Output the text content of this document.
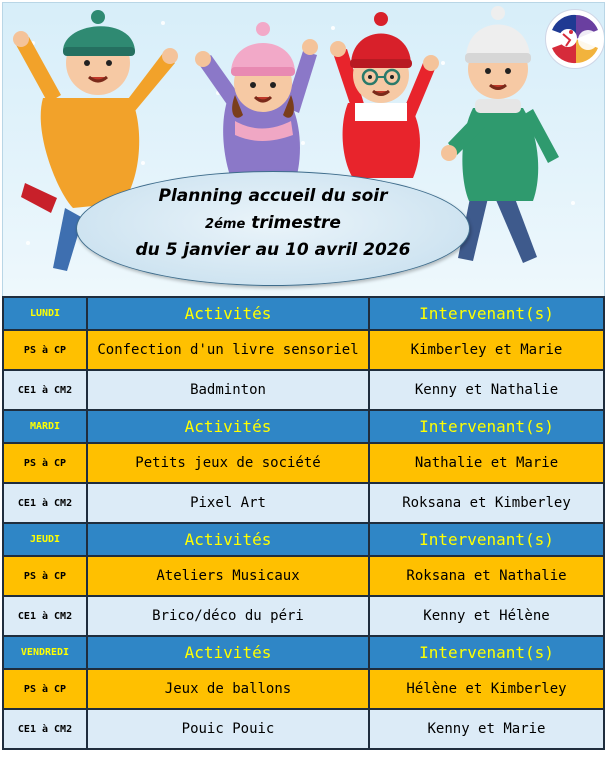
Planning accueil du soir
2éme trimestre
du 5 janvier au 10 avril 2026
LUNDI	Activités	Intervenant(s)
PS à CP	Confection d'un livre sensoriel	Kimberley et Marie
CE1 à CM2	Badminton	Kenny et Nathalie
MARDI	Activités	Intervenant(s)
PS à CP	Petits jeux de société	Nathalie et Marie
CE1 à CM2	Pixel Art	Roksana et Kimberley
JEUDI	Activités	Intervenant(s)
PS à CP	Ateliers Musicaux	Roksana et Nathalie
CE1 à CM2	Brico/déco du péri	Kenny et Hélène
VENDREDI	Activités	Intervenant(s)
PS à CP	Jeux de ballons	Hélène et Kimberley
CE1 à CM2	Pouic Pouic	Kenny et Marie
